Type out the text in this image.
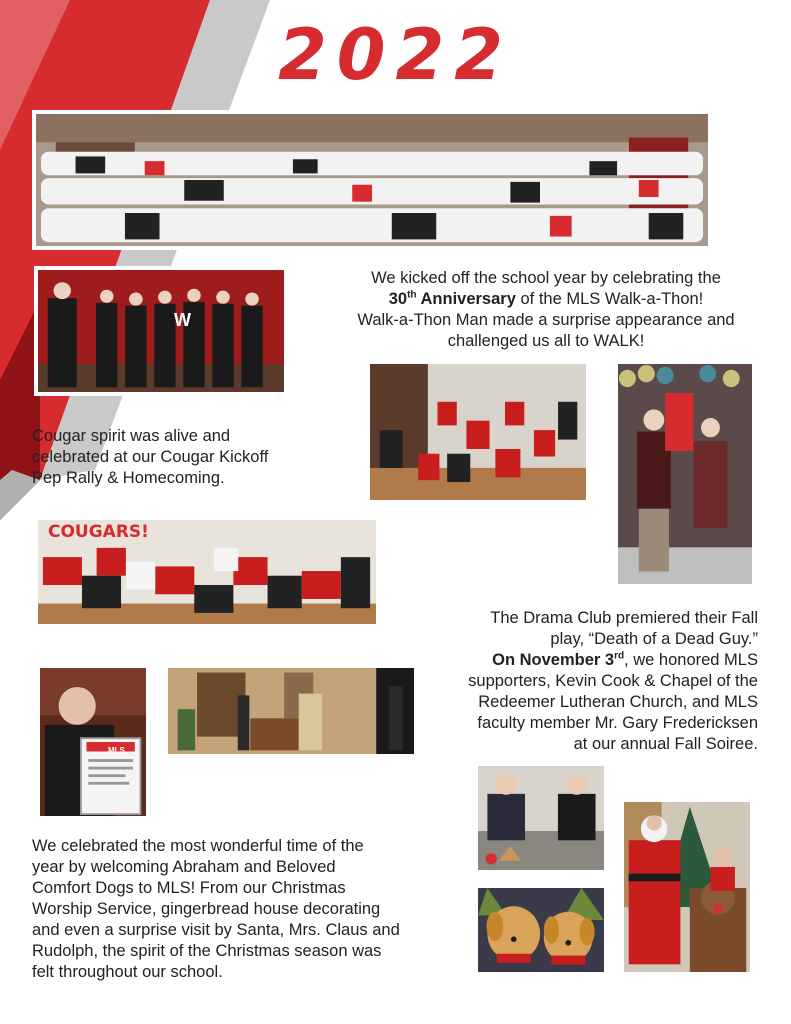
2022
W
We kicked off the school year by celebrating the
30th Anniversary of the MLS Walk-a-Thon!
Walk-a-Thon Man made a surprise appearance and
challenged us all to WALK!
Cougar spirit was alive and
celebrated at our Cougar Kickoff
Pep Rally & Homecoming.
COUGARS!
The Drama Club premiered their Fall
play, “Death of a Dead Guy.”
On November 3rd, we honored MLS
supporters, Kevin Cook & Chapel of the
Redeemer Lutheran Church, and MLS
faculty member Mr. Gary Fredericksen
at our annual Fall Soiree.
MLS
We celebrated the most wonderful time of the
year by welcoming Abraham and Beloved
Comfort Dogs to MLS! From our Christmas
Worship Service, gingerbread house decorating
and even a surprise visit by Santa, Mrs. Claus and
Rudolph, the spirit of the Christmas season was
felt throughout our school.
